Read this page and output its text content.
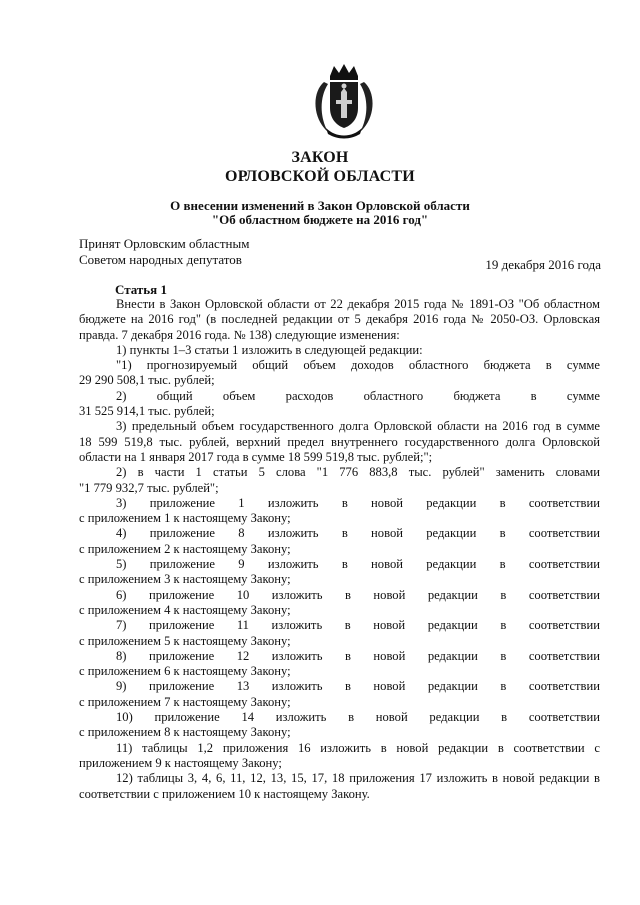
ЗАКОН
ОРЛОВСКОЙ ОБЛАСТИ
О внесении изменений в Закон Орловской области
"Об областном бюджете на 2016 год"
Принят Орловским областным
Советом народных депутатов	19 декабря 2016 года
Статья 1
Внести в Закон Орловской области от 22 декабря 2015 года № 1891-ОЗ "Об областном
бюджете на 2016 год" (в последней редакции от 5 декабря 2016 года № 2050-ОЗ. Орловская
правда. 7 декабря 2016 года. № 138) следующие изменения:
1) пункты 1–3 статьи 1 изложить в следующей редакции:
"1) прогнозируемый общий объем доходов областного бюджета в сумме
29 290 508,1 тыс. рублей;
2) общий объем расходов областного бюджета в сумме
31 525 914,1 тыс. рублей;
3) предельный объем государственного долга Орловской области на 2016 год в сумме
18 599 519,8 тыс. рублей, верхний предел внутреннего государственного долга Орловской
области на 1 января 2017 года в сумме 18 599 519,8 тыс. рублей;";
2) в части 1 статьи 5 слова "1 776 883,8 тыс. рублей" заменить словами
"1 779 932,7 тыс. рублей";
3) приложение 1 изложить в новой редакции в соответствии
с приложением 1 к настоящему Закону;
4) приложение 8 изложить в новой редакции в соответствии
с приложением 2 к настоящему Закону;
5) приложение 9 изложить в новой редакции в соответствии
с приложением 3 к настоящему Закону;
6) приложение 10 изложить в новой редакции в соответствии
с приложением 4 к настоящему Закону;
7) приложение 11 изложить в новой редакции в соответствии
с приложением 5 к настоящему Закону;
8) приложение 12 изложить в новой редакции в соответствии
с приложением 6 к настоящему Закону;
9) приложение 13 изложить в новой редакции в соответствии
с приложением 7 к настоящему Закону;
10) приложение 14 изложить в новой редакции в соответствии
с приложением 8 к настоящему Закону;
11) таблицы 1,2 приложения 16 изложить в новой редакции в соответствии с
приложением 9 к настоящему Закону;
12) таблицы 3, 4, 6, 11, 12, 13, 15, 17, 18 приложения 17 изложить в новой редакции в
соответствии с приложением 10 к настоящему Закону.
